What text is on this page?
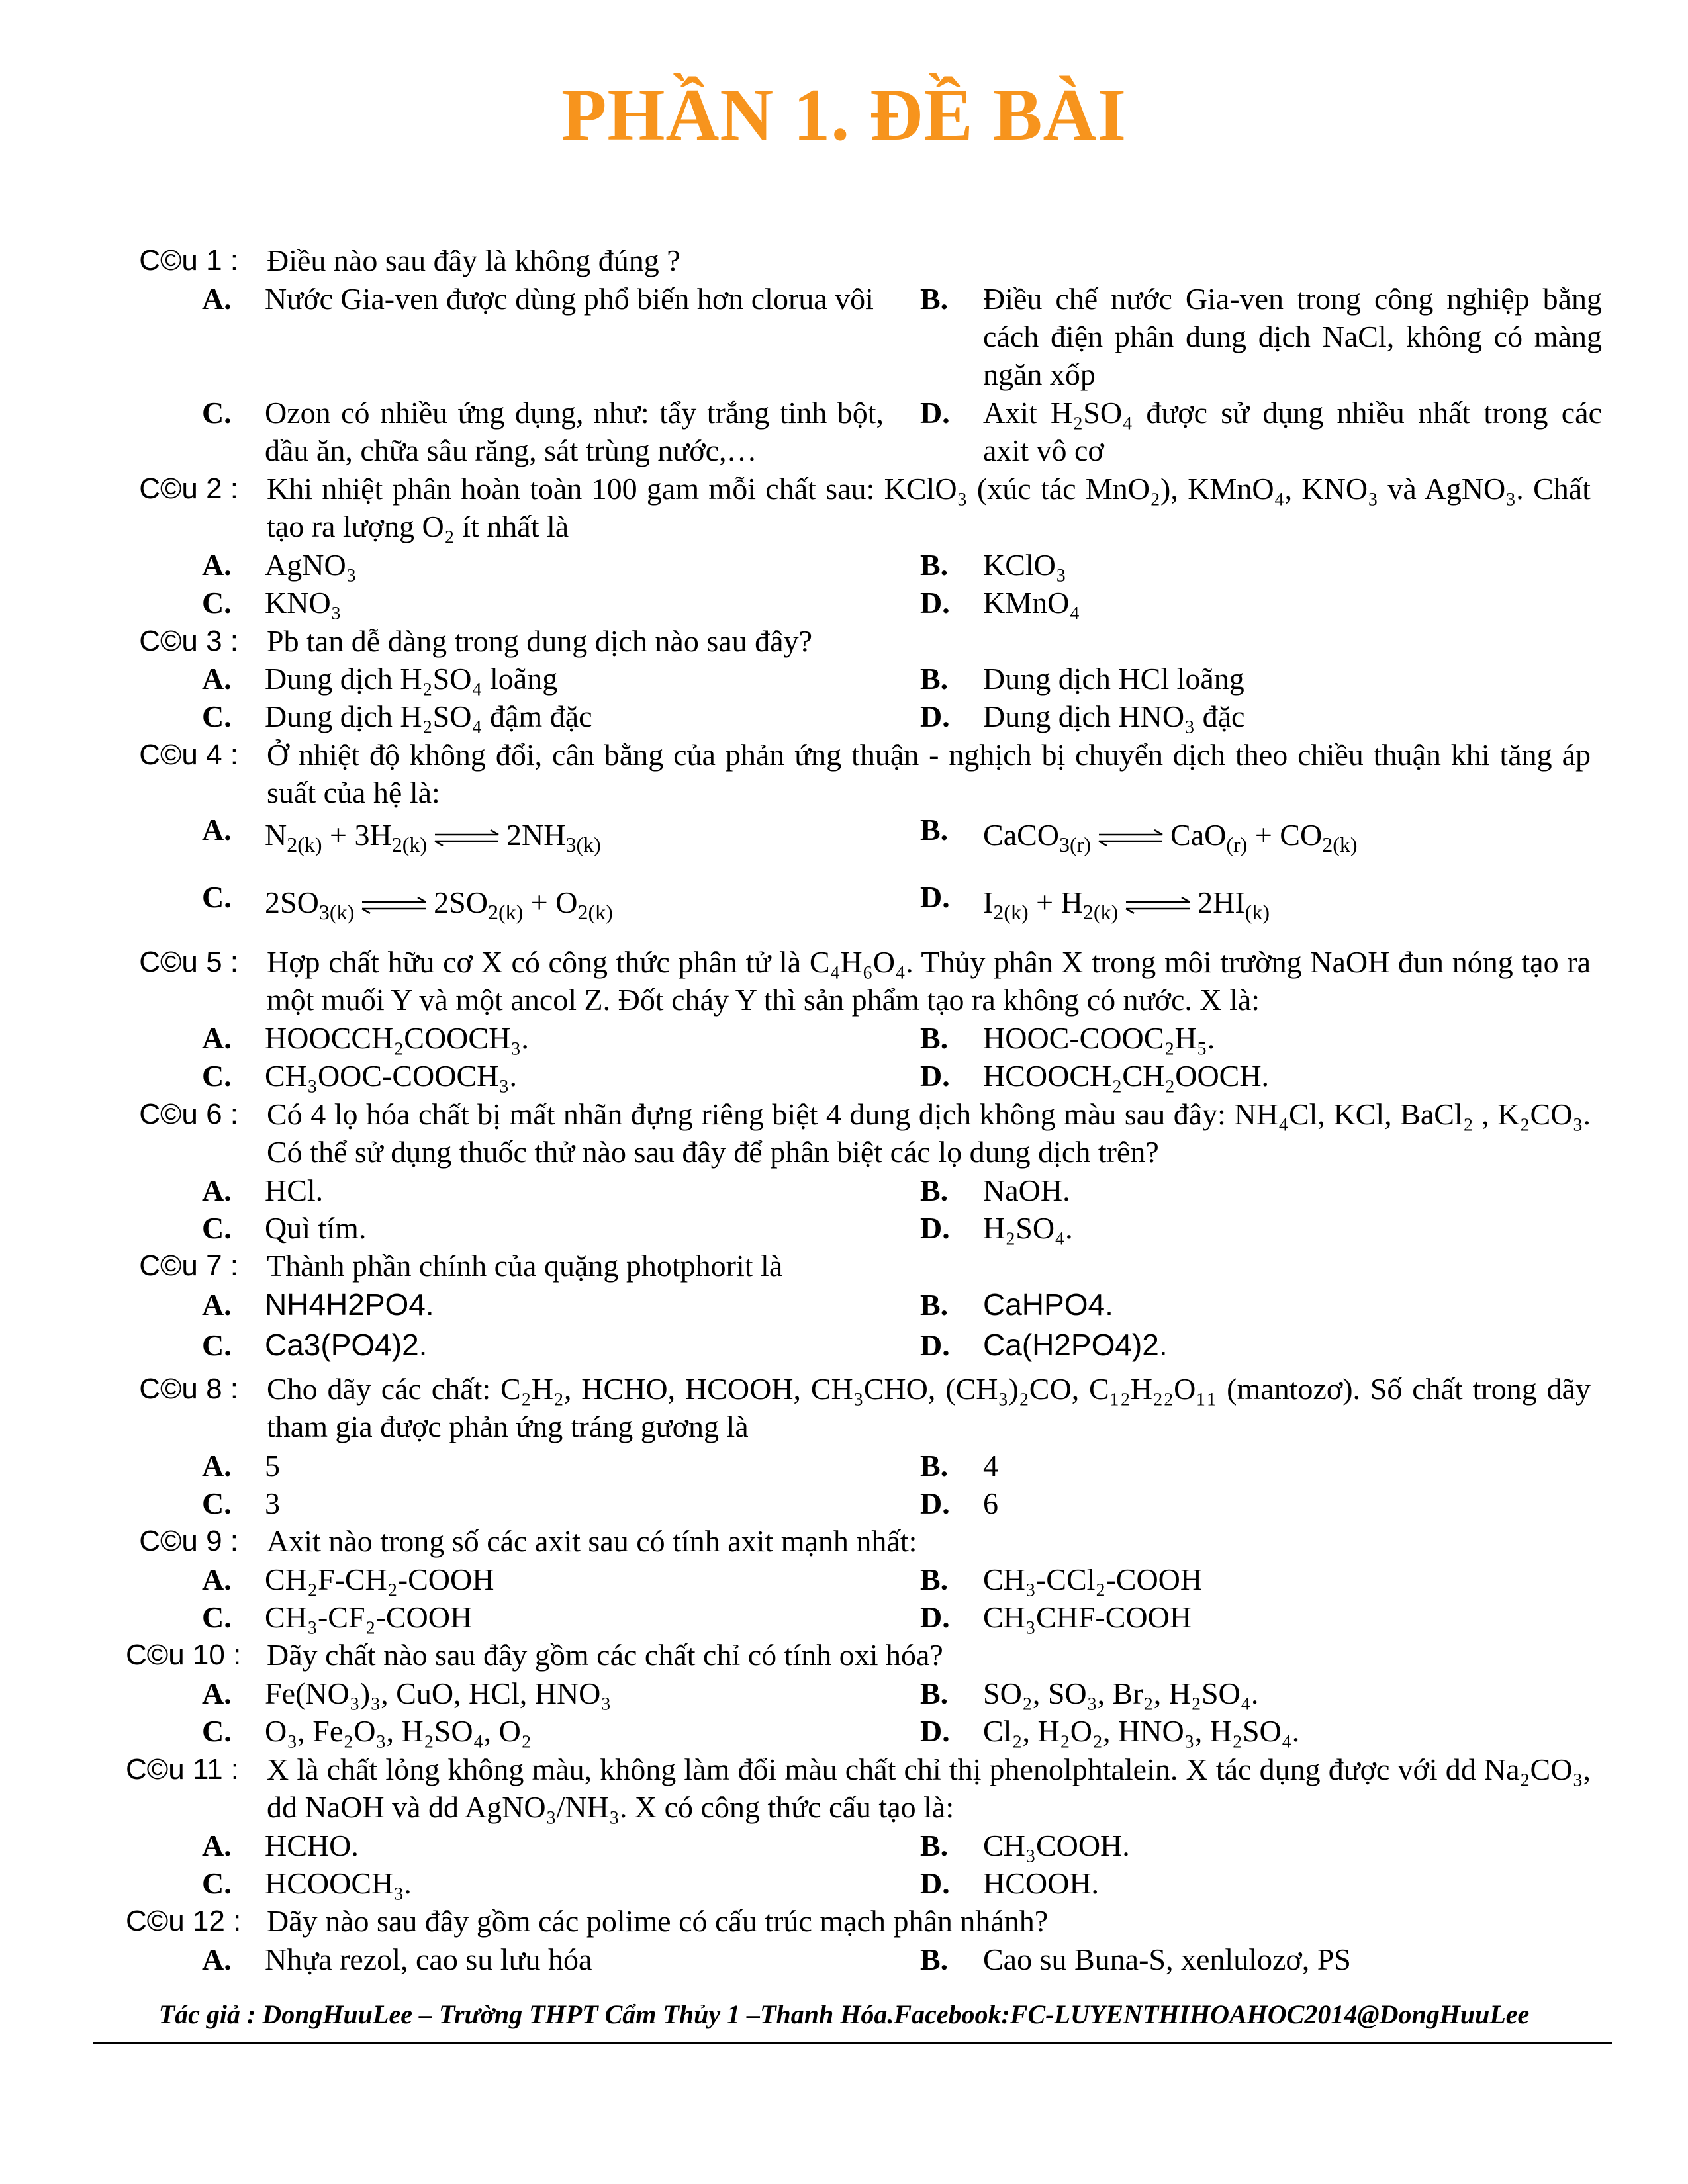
PHẦN 1. ĐỀ BÀI
C©u 1 : Điều nào sau đây là không đúng ?
A. Nước Gia-ven được dùng phổ biến hơn clorua vôi	B. Điều chế nước Gia-ven trong công nghiệp bằng cách điện phân dung dịch NaCl, không có màng ngăn xốp
C. Ozon có nhiều ứng dụng, như: tẩy trắng tinh bột, dầu ăn, chữa sâu răng, sát trùng nước,…
D. Axit H₂SO₄ được sử dụng nhiều nhất trong các axit vô cơ
C©u 2 : Khi nhiệt phân hoàn toàn 100 gam mỗi chất sau: KClO₃ (xúc tác MnO₂), KMnO₄, KNO₃ và AgNO₃. Chất tạo ra lượng O₂ ít nhất là
A. AgNO₃	B. KClO₃
C. KNO₃	D. KMnO₄
C©u 3 : Pb tan dễ dàng trong dung dịch nào sau đây?
A. Dung dịch H₂SO₄ loãng	B. Dung dịch HCl loãng
C. Dung dịch H₂SO₄ đậm đặc	D. Dung dịch HNO₃ đặc
C©u 4 : Ở nhiệt độ không đổi, cân bằng của phản ứng thuận - nghịch bị chuyển dịch theo chiều thuận khi tăng áp suất của hệ là:
A. $N_{2(k)} + 3H_{2(k)}$ ⇌ $2NH_{3(k)}$	B. CaCO$_{3(r)}$ ⇌ $CaO_{(r)} + CO_{2(k)}$
C. $2SO_{3(k)}$ ⇌ $2SO_{2(k)} + O_{2(k)}$	D. $I_{2(k)} + H_{2(k)}$ ⇌ $2HI_{(k)}$
C©u 5 : Hợp chất hữu cơ X có công thức phân tử là C₄H₆O₄. Thủy phân X trong môi trường NaOH đun nóng tạo ra một muối Y và một ancol Z. Đốt cháy Y thì sản phẩm tạo ra không có nước. X là:
A. HOOCCH₂COOCH₃.	B. HOOC-COOC₂H₅.
C. CH₃OOC-COOCH₃.	D. HCOOCH₂CH₂OOCH.
C©u 6 : Có 4 lọ hóa chất bị mất nhãn đựng riêng biệt 4 dung dịch không màu sau đây: NH₄Cl, KCl, BaCl₂ , K₂CO₃. Có thể sử dụng thuốc thử nào sau đây để phân biệt các lọ dung dịch trên?
A. HCl.	B. NaOH.
C. Quì tím.	D. H₂SO₄.
C©u 7 : Thành phần chính của quặng photphorit là
A. NH4H2PO4.	B. CaHPO4.
C. Ca3(PO4)2.	D. Ca(H2PO4)2.
C©u 8 : Cho dãy các chất: C₂H₂, HCHO, HCOOH, CH₃CHO, (CH₃)₂CO, C₁₂H₂₂O₁₁ (mantozơ). Số chất trong dãy tham gia được phản ứng tráng gương là
A. 5	B. 4
C. 3	D. 6
C©u 9 : Axit nào trong số các axit sau có tính axit mạnh nhất:
A. CH₂F-CH₂-COOH	B. CH₃-CCl₂-COOH
C. CH₃-CF₂-COOH	D. CH₃CHF-COOH
C©u 10 : Dãy chất nào sau đây gồm các chất chỉ có tính oxi hóa?
A. Fe(NO₃)₃, CuO, HCl, HNO₃	B. SO₂, SO₃, Br₂, H₂SO₄.
C. O₃, Fe₂O₃, H₂SO₄, O₂	D. Cl₂, H₂O₂, HNO₃, H₂SO₄.
C©u 11 : X là chất lỏng không màu, không làm đổi màu chất chỉ thị phenolphtalein. X tác dụng được với dd Na₂CO₃, dd NaOH và dd AgNO₃/NH₃. X có công thức cấu tạo là:
A. HCHO.	B. CH₃COOH.
C. HCOOCH₃.	D. HCOOH.
C©u 12 : Dãy nào sau đây gồm các polime có cấu trúc mạch phân nhánh?
A. Nhựa rezol, cao su lưu hóa	B. Cao su Buna-S, xenlulozơ, PS
Tác giả : DongHuuLee – Trường THPT Cẩm Thủy 1 –Thanh Hóa.Facebook:FC-LUYENTHIHOAHOC2014@DongHuuLee
